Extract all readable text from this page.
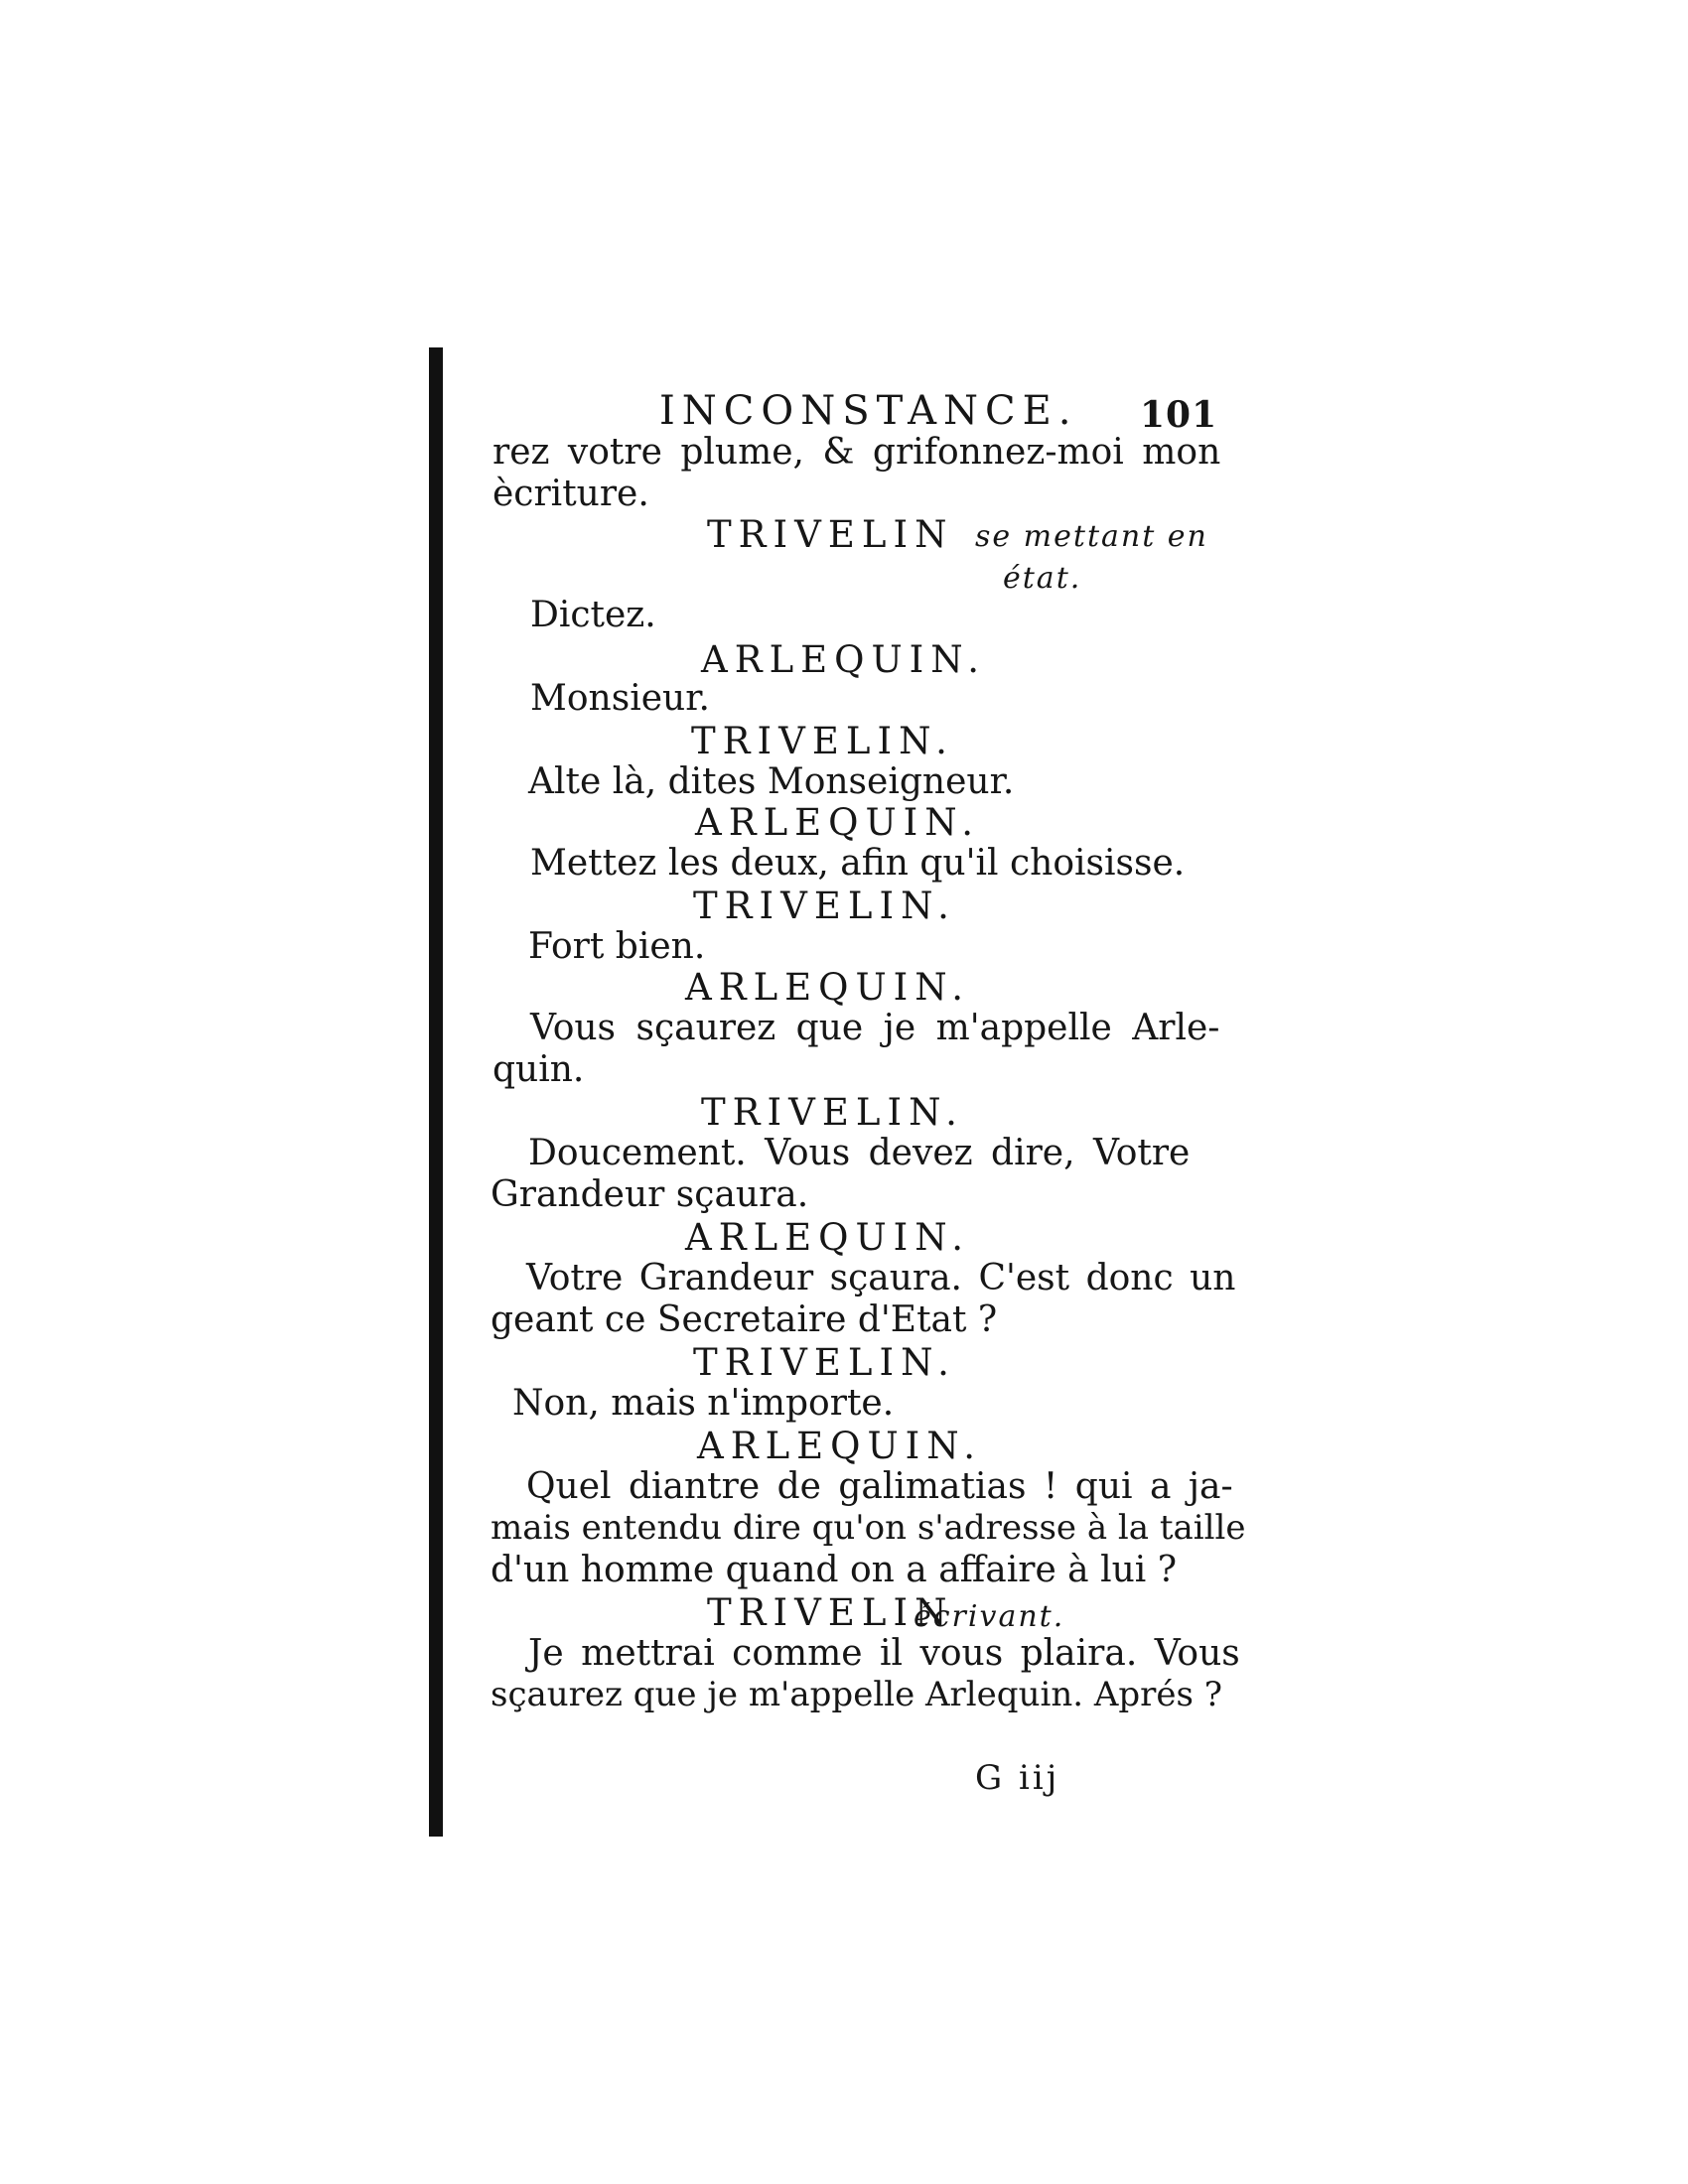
INCONSTANCE. 101
rez votre plume, & grifonnez-moi mon
ècriture.
TRIVELIN se mettant en
état.
Dictez.
ARLEQUIN.
Monsieur.
TRIVELIN.
Alte là, dites Monseigneur.
ARLEQUIN.
Mettez les deux, afin qu'il choisisse.
TRIVELIN.
Fort bien.
ARLEQUIN.
Vous sçaurez que je m'appelle Arle-
quin.
TRIVELIN.
Doucement. Vous devez dire, Votre
Grandeur sçaura.
ARLEQUIN.
Votre Grandeur sçaura. C'est donc un
geant ce Secretaire d'Etat ?
TRIVELIN.
Non, mais n'importe.
ARLEQUIN.
Quel diantre de galimatias ! qui a ja-
mais entendu dire qu'on s'adresse à la taille
d'un homme quand on a affaire à lui ?
TRIVELIN
écrivant.
Je mettrai comme il vous plaira. Vous
sçaurez que je m'appelle Arlequin. Aprés ?
G iij
